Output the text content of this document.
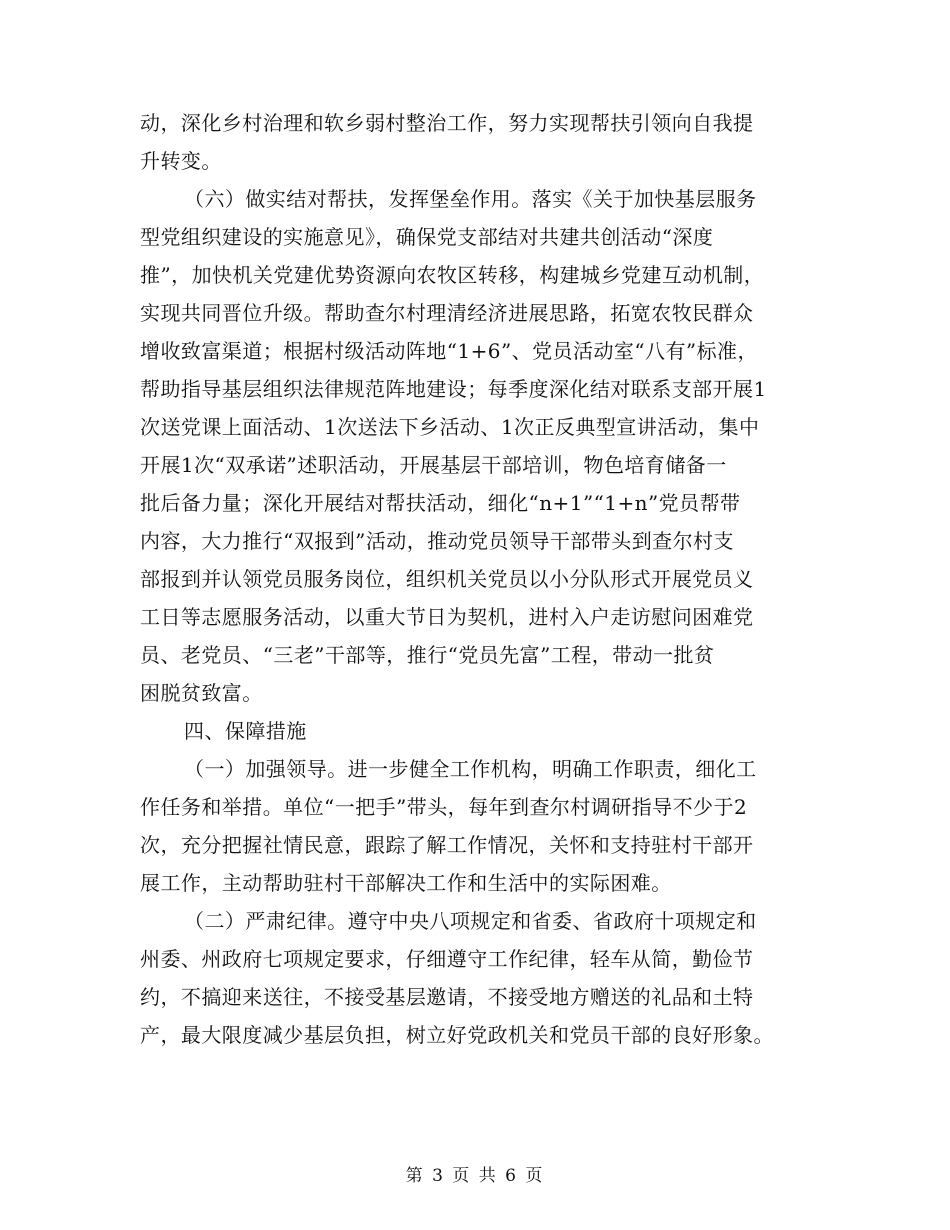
动，深化乡村治理和软乡弱村整治工作，努力实现帮扶引领向自我提
升转变。
（六）做实结对帮扶，发挥堡垒作用。落实《关于加快基层服务
型党组织建设的实施意见》，确保党支部结对共建共创活动“深度
推”，加快机关党建优势资源向农牧区转移，构建城乡党建互动机制，
实现共同晋位升级。帮助查尔村理清经济进展思路，拓宽农牧民群众
增收致富渠道；根据村级活动阵地“1+6”、党员活动室“八有”标准，
帮助指导基层组织法律规范阵地建设；每季度深化结对联系支部开展1
次送党课上面活动、1次送法下乡活动、1次正反典型宣讲活动，集中
开展1次“双承诺”述职活动，开展基层干部培训，物色培育储备一
批后备力量；深化开展结对帮扶活动，细化“n+1”“1+n”党员帮带
内容，大力推行“双报到”活动，推动党员领导干部带头到查尔村支
部报到并认领党员服务岗位，组织机关党员以小分队形式开展党员义
工日等志愿服务活动，以重大节日为契机，进村入户走访慰问困难党
员、老党员、“三老”干部等，推行“党员先富”工程，带动一批贫
困脱贫致富。
四、保障措施
（一）加强领导。进一步健全工作机构，明确工作职责，细化工
作任务和举措。单位“一把手”带头，每年到查尔村调研指导不少于2
次，充分把握社情民意，跟踪了解工作情况，关怀和支持驻村干部开
展工作，主动帮助驻村干部解决工作和生活中的实际困难。
（二）严肃纪律。遵守中央八项规定和省委、省政府十项规定和
州委、州政府七项规定要求，仔细遵守工作纪律，轻车从简，勤俭节
约，不搞迎来送往，不接受基层邀请，不接受地方赠送的礼品和土特
产，最大限度减少基层负担，树立好党政机关和党员干部的良好形象。
第 3 页 共 6 页
